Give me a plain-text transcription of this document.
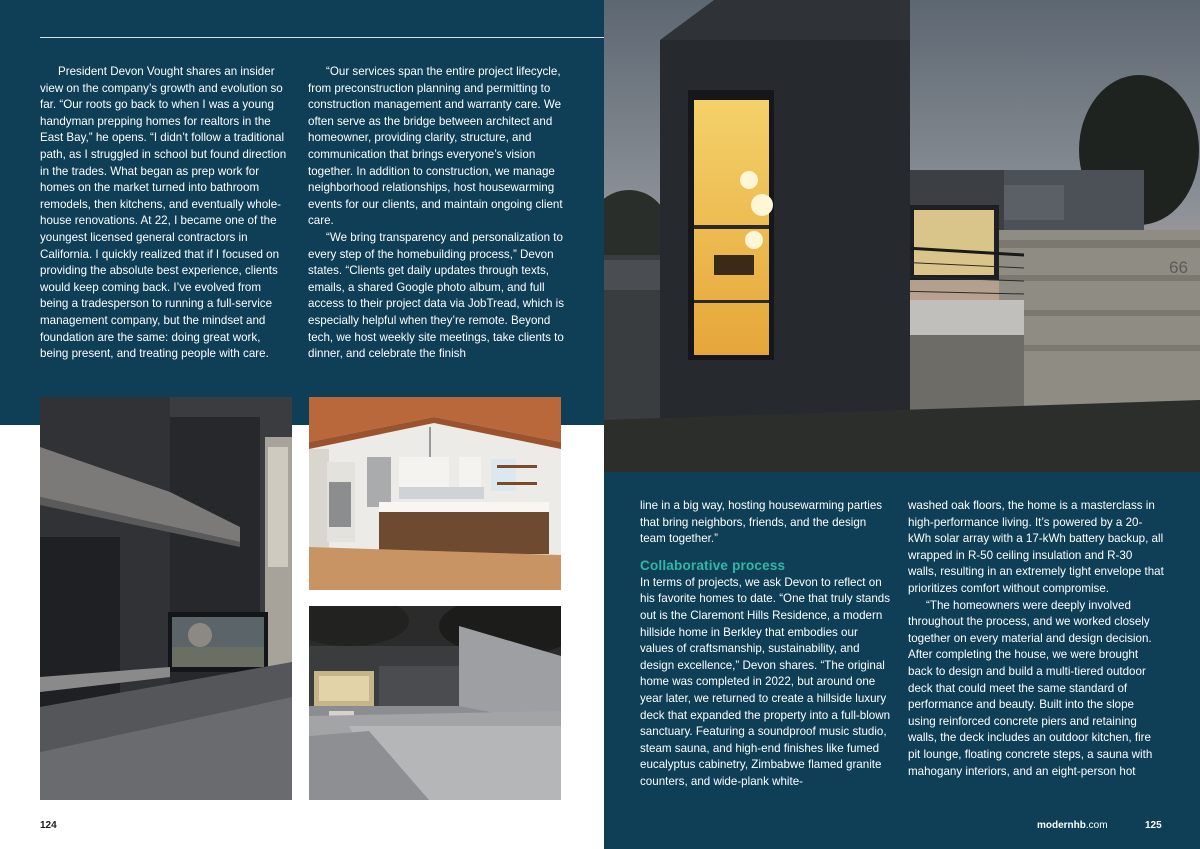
President Devon Vought shares an insider view on the company’s growth and evolution so far. “Our roots go back to when I was a young handyman prepping homes for realtors in the East Bay,” he opens. “I didn’t follow a traditional path, as I struggled in school but found direction in the trades. What began as prep work for homes on the market turned into bathroom remodels, then kitchens, and eventually whole-house renovations. At 22, I became one of the youngest licensed general contractors in California. I quickly realized that if I focused on providing the absolute best experience, clients would keep coming back. I’ve evolved from being a tradesperson to running a full-service management company, but the mindset and foundation are the same: doing great work, being present, and treating people with care.

“Our services span the entire project lifecycle, from preconstruction planning and permitting to construction management and warranty care. We often serve as the bridge between architect and homeowner, providing clarity, structure, and communication that brings everyone’s vision together. In addition to construction, we manage neighborhood relationships, host housewarming events for our clients, and maintain ongoing client care.

“We bring transparency and personalization to every step of the homebuilding process,” Devon states. “Clients get daily updates through texts, emails, a shared Google photo album, and full access to their project data via JobTread, which is especially helpful when they’re remote. Beyond tech, we host weekly site meetings, take clients to dinner, and celebrate the finish

66

line in a big way, hosting housewarming parties that bring neighbors, friends, and the design team together.”

Collaborative process

In terms of projects, we ask Devon to reflect on his favorite homes to date. “One that truly stands out is the Claremont Hills Residence, a modern hillside home in Berkley that embodies our values of craftsmanship, sustainability, and design excellence,” Devon shares. “The original home was completed in 2022, but around one year later, we returned to create a hillside luxury deck that expanded the property into a full-blown sanctuary. Featuring a soundproof music studio, steam sauna, and high-end finishes like fumed eucalyptus cabinetry, Zimbabwe flamed granite counters, and wide-plank white-

washed oak floors, the home is a masterclass in high-performance living. It’s powered by a 20-kWh solar array with a 17-kWh battery backup, all wrapped in R-50 ceiling insulation and R-30 walls, resulting in an extremely tight envelope that prioritizes comfort without compromise.

“The homeowners were deeply involved throughout the process, and we worked closely together on every material and design decision. After completing the house, we were brought back to design and build a multi-tiered outdoor deck that could meet the same standard of performance and beauty. Built into the slope using reinforced concrete piers and retaining walls, the deck includes an outdoor kitchen, fire pit lounge, floating concrete steps, a sauna with mahogany interiors, and an eight-person hot

124	modernhb.com	125
